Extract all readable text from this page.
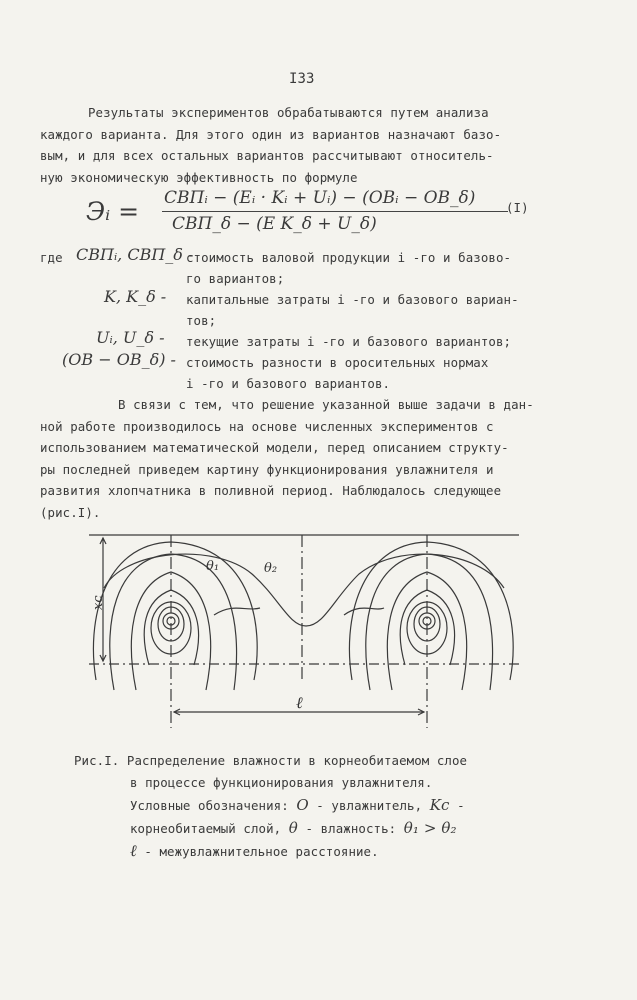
I33

Результаты экспериментов обрабатываются путем анализа

каждого варианта. Для этого один из вариантов назначают базо-

вым, и для всех остальных вариантов рассчитывают относитель-

ную экономическую эффективность по формуле

Эᵢ = СВПᵢ − (Eᵢ · Kᵢ + Uᵢ) − (ОВᵢ − ОВ_δ)
СВП_δ − (E K_δ + U_δ)
(I)
где СВПᵢ, СВП_δ -
стоимость валовой продукции i -го и базово-
го вариантов;
K, K_δ - капитальные затраты i -го и базового вариан-
тов;
Uᵢ, U_δ - текущие затраты i -го и базового вариантов;
(ОВ − ОВ_δ) - стоимость разности в оросительных нормах
i -го и базового вариантов.

В связи с тем, что решение указанной выше задачи в дан-

ной работе производилось на основе численных экспериментов с

использованием математической модели, перед описанием структу-

ры последней приведем картину функционирования увлажнителя и

развития хлопчатника в поливной период. Наблюдалось следующее

(рис.I).

θ₁	θ₂
xc
ℓ

Рис.I. Распределение влажности в корнеобитаемом слое

в процессе функционирования увлажнителя.

Условные обозначения: O - увлажнитель, Kc -

корнеобитаемый слой, θ - влажность: θ₁ > θ₂

ℓ - межувлажнительное расстояние.
